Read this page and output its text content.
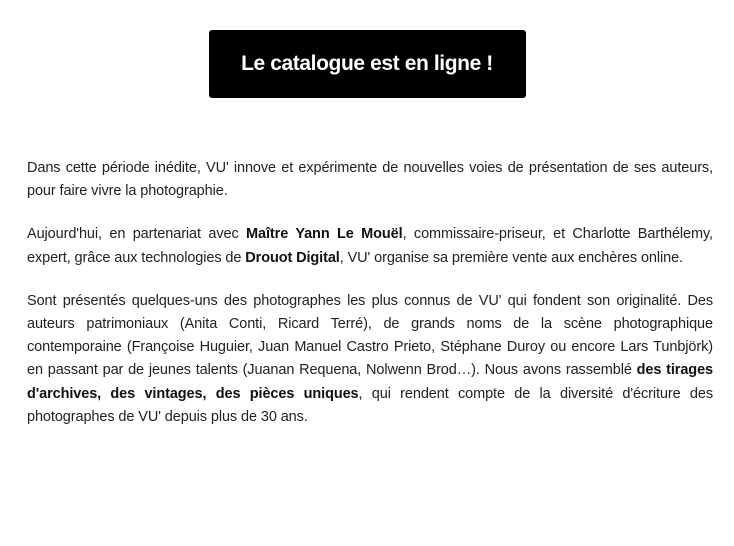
Le catalogue est en ligne !

Dans cette période inédite, VU' innove et expérimente de nouvelles voies de présentation de ses auteurs, pour faire vivre la photographie.

Aujourd'hui, en partenariat avec Maître Yann Le Mouël, commissaire-priseur, et Charlotte Barthélemy, expert, grâce aux technologies de Drouot Digital, VU' organise sa première vente aux enchères online.

Sont présentés quelques-uns des photographes les plus connus de VU' qui fondent son originalité. Des auteurs patrimoniaux (Anita Conti, Ricard Terré), de grands noms de la scène photographique contemporaine (Françoise Huguier, Juan Manuel Castro Prieto, Stéphane Duroy ou encore Lars Tunbjörk) en passant par de jeunes talents (Juanan Requena, Nolwenn Brod…). Nous avons rassemblé des tirages d'archives, des vintages, des pièces uniques, qui rendent compte de la diversité d'écriture des photographes de VU' depuis plus de 30 ans.
